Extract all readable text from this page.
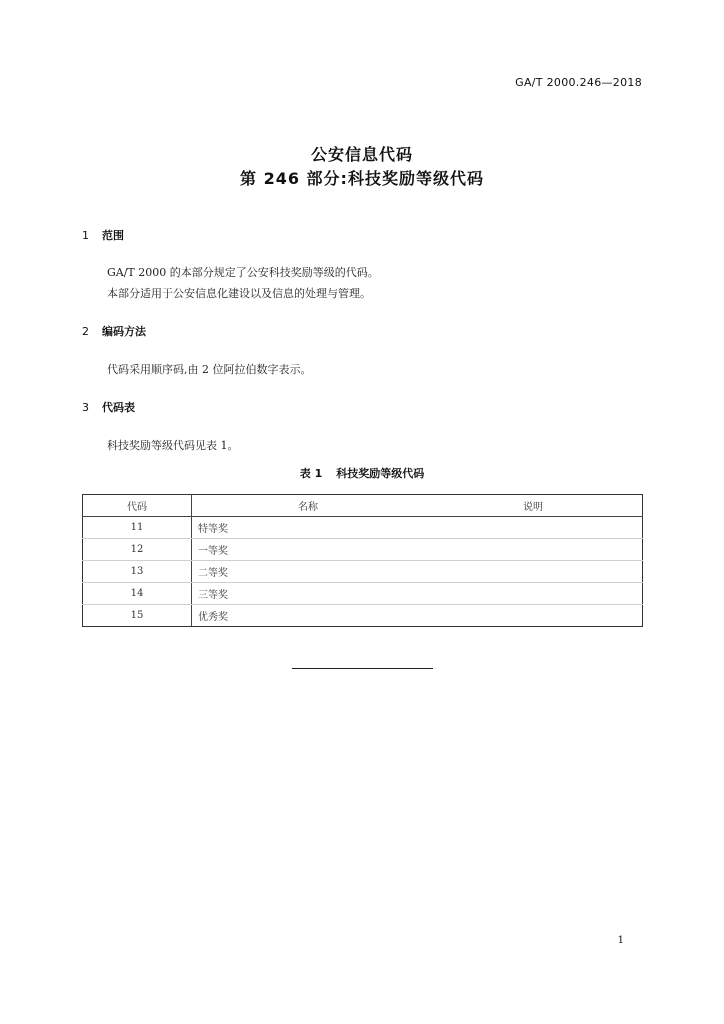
GA/T 2000.246—2018
公安信息代码
第 246 部分:科技奖励等级代码
1 范围
GA/T 2000 的本部分规定了公安科技奖励等级的代码。
本部分适用于公安信息化建设以及信息的处理与管理。
2 编码方法
代码采用顺序码,由 2 位阿拉伯数字表示。
3 代码表
科技奖励等级代码见表 1。
表 1 科技奖励等级代码
代码	名称	说明
11	特等奖	
12	一等奖	
13	二等奖	
14	三等奖	
15	优秀奖	
1
